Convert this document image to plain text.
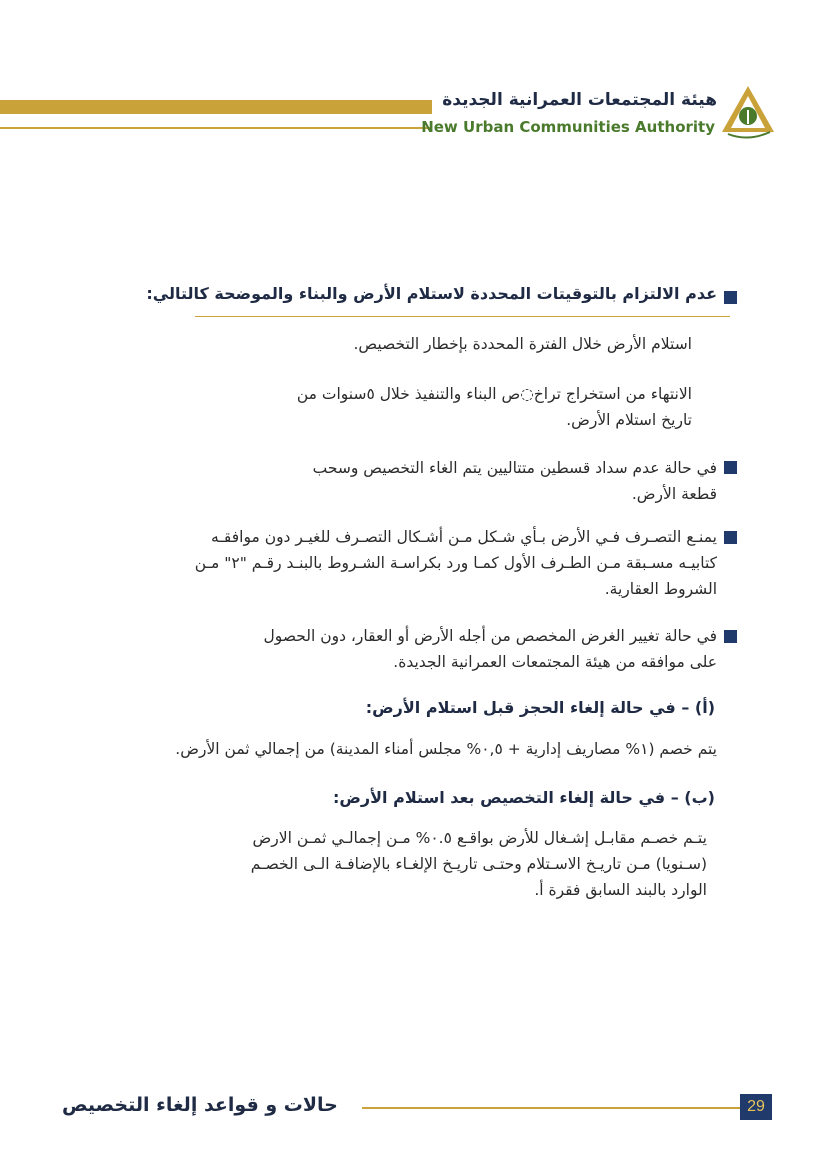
هيئة المجتمعات العمرانية الجديدة
New Urban Communities Authority
عدم الالتزام بالتوقيتات المحددة لاستلام الأرض والبناء والموضحة كالتالي:
استلام الأرض خلال الفترة المحددة بإخطار التخصيص.
الانتهاء من استخراج تراخ◌ص البناء والتنفيذ خلال ٥سنوات من
تاريخ استلام الأرض.
في حالة عدم سداد قسطين متتاليين يتم الغاء التخصيص وسحب
قطعة الأرض.
يمنـع التصـرف فـي الأرض بـأي شـكل مـن أشـكال التصـرف للغيـر دون موافقـه
كتابيـه مسـبقة مـن الطـرف الأول كمـا ورد بكراسـة الشـروط بالبنـد رقـم "٢" مـن
الشروط العقارية.
في حالة تغيير الغرض المخصص من أجله الأرض أو العقار، دون الحصول
على موافقه من هيئة المجتمعات العمرانية الجديدة.
(أ) – في حالة إلغاء الحجز قبل استلام الأرض:
يتم خصم (١% مصاريف إدارية + ٠,٥% مجلس أمناء المدينة) من إجمالي ثمن الأرض.
(ب) – في حالة إلغاء التخصيص بعد استلام الأرض:
يتـم خصـم مقابـل إشـغال للأرض بواقـع ٠.٥% مـن إجمالـي ثمـن الارض
(سـنويا) مـن تاريـخ الاسـتلام وحتـى تاريـخ الإلغـاء بالإضافـة الـى الخصـم
الوارد بالبند السابق فقرة أ.
حالات و قواعد إلغاء التخصيص	29
